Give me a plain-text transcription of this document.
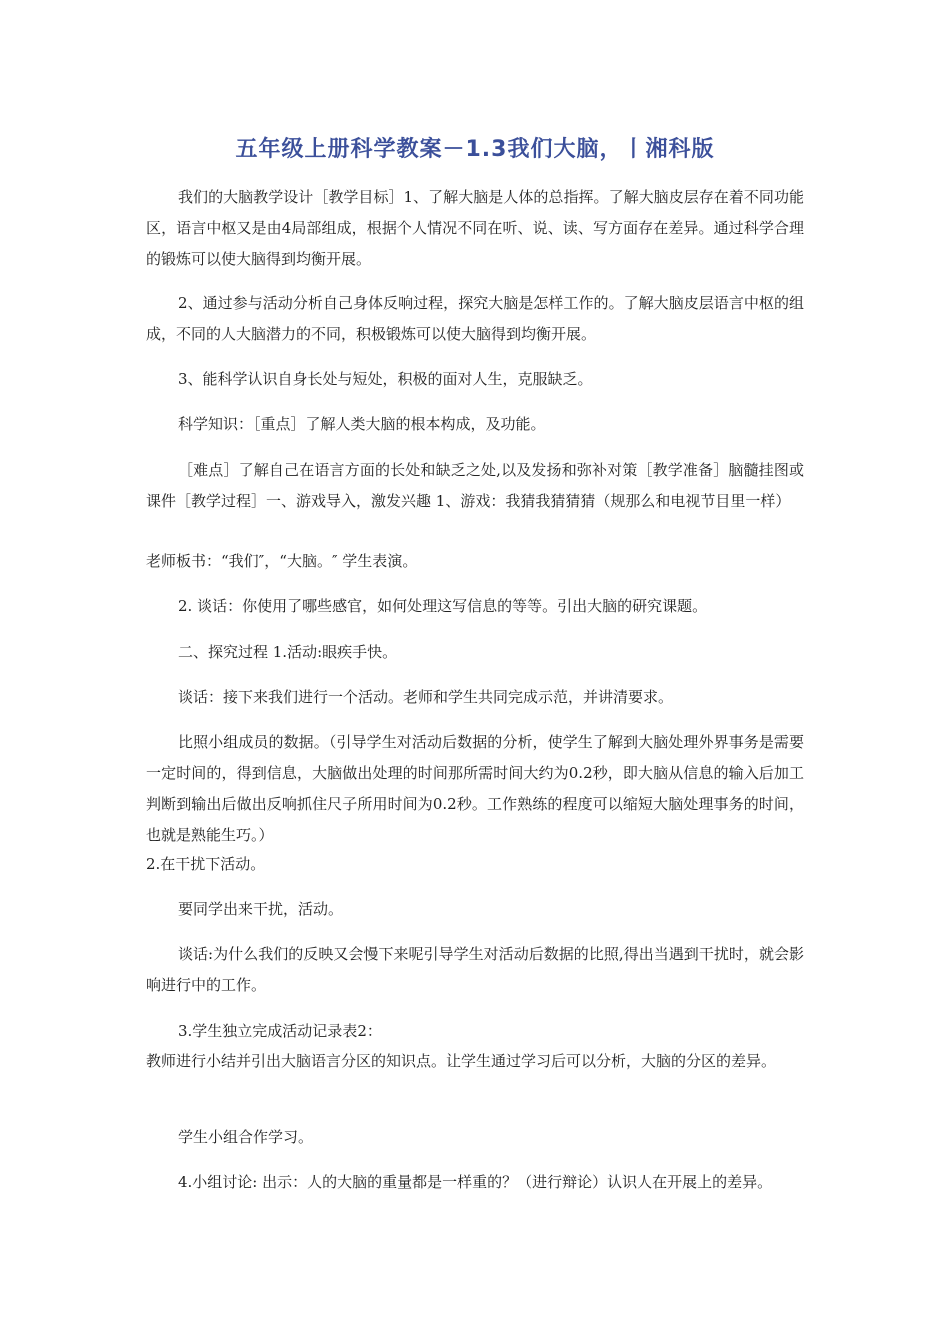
五年级上册科学教案－1.3我们大脑，丨湘科版

我们的大脑教学设计［教学目标］1、了解大脑是人体的总指挥。了解大脑皮层存在着不同功能区，语言中枢又是由4局部组成，根据个人情况不同在听、说、读、写方面存在差异。通过科学合理的锻炼可以使大脑得到均衡开展。

2、通过参与活动分析自己身体反响过程，探究大脑是怎样工作的。了解大脑皮层语言中枢的组成，不同的人大脑潜力的不同，积极锻炼可以使大脑得到均衡开展。

3、能科学认识自身长处与短处，积极的面对人生，克服缺乏。

科学知识：［重点］了解人类大脑的根本构成，及功能。

［难点］了解自己在语言方面的长处和缺乏之处,以及发扬和弥补对策［教学准备］脑髓挂图或课件［教学过程］一、游戏导入，激发兴趣 1、游戏：我猜我猜猜猜（规那么和电视节目里一样）

老师板书：“我们″，“大脑。″ 学生表演。

2. 谈话：你使用了哪些感官，如何处理这写信息的等等。引出大脑的研究课题。

二、探究过程 1.活动:眼疾手快。

谈话：接下来我们进行一个活动。老师和学生共同完成示范，并讲清要求。

比照小组成员的数据。（引导学生对活动后数据的分析，使学生了解到大脑处理外界事务是需要一定时间的，得到信息，大脑做出处理的时间那所需时间大约为0.2秒，即大脑从信息的输入后加工判断到输出后做出反响抓住尺子所用时间为0.2秒。工作熟练的程度可以缩短大脑处理事务的时间，也就是熟能生巧。）

2.在干扰下活动。

要同学出来干扰，活动。

谈话:为什么我们的反映又会慢下来呢引导学生对活动后数据的比照,得出当遇到干扰时，就会影响进行中的工作。

3.学生独立完成活动记录表2：

教师进行小结并引出大脑语言分区的知识点。让学生通过学习后可以分析，大脑的分区的差异。

学生小组合作学习。

4.小组讨论: 出示：人的大脑的重量都是一样重的？（进行辩论）认识人在开展上的差异。
